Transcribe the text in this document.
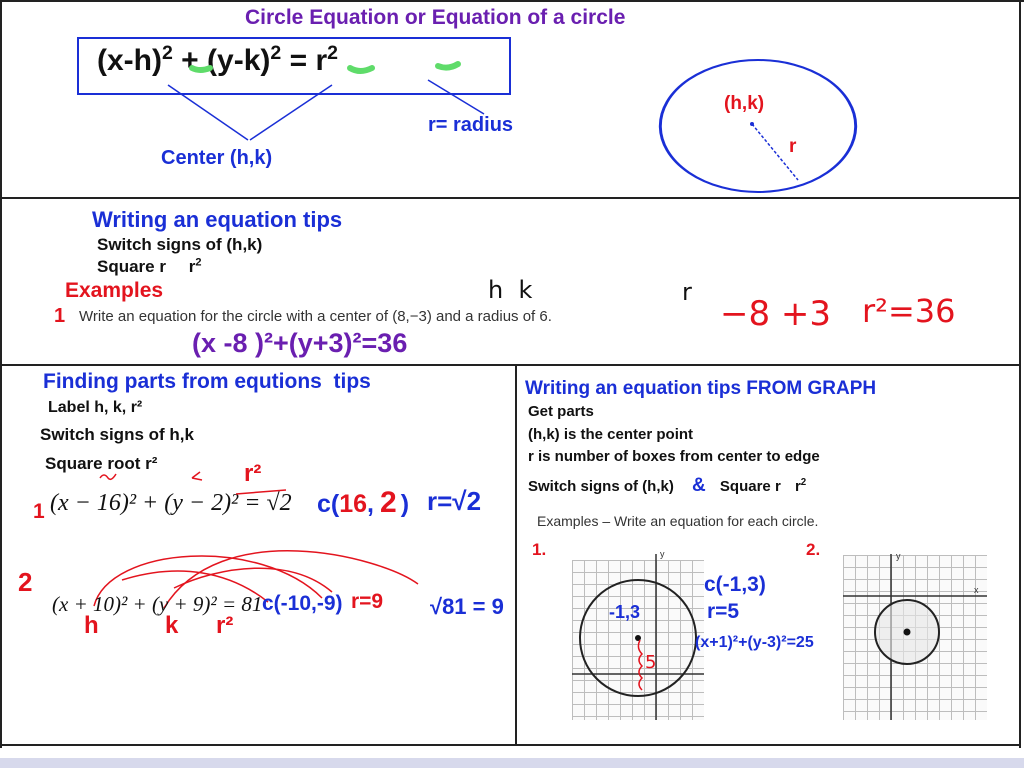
Circle Equation or Equation of a circle
$(x-h)^2 + (y-k)^2 = r^2$
Center (h,k)
r= radius
(h,k)
r
Writing an equation tips
Switch signs of (h,k)
Square r $r^2$
Examples
1 Write an equation for the circle with a center of (8,−3) and a radius of 6.
h  k	r
−8 +3 r²=36
(x -8 )²+(y+3)²=36
Finding parts from equtions  tips
Label h, k, r²
Switch signs of h,k
Square root r²
1 (x − 16)² + (y − 2)² = √2
r²
c(16, 2 ) r=√2
2
(x + 10)² + (y + 9)² = 81
h	k r²
c(-10,-9) r=9 √81 = 9
Writing an equation tips FROM GRAPH
Get parts
(h,k) is the center point
r is number of boxes from center to edge
Switch signs of (h,k) & Square r $r^2$
Examples – Write an equation for each circle.
1.	2.
y
-1,3
5
c(-1,3)
r=5
(x+1)²+(y-3)²=25
y
x
